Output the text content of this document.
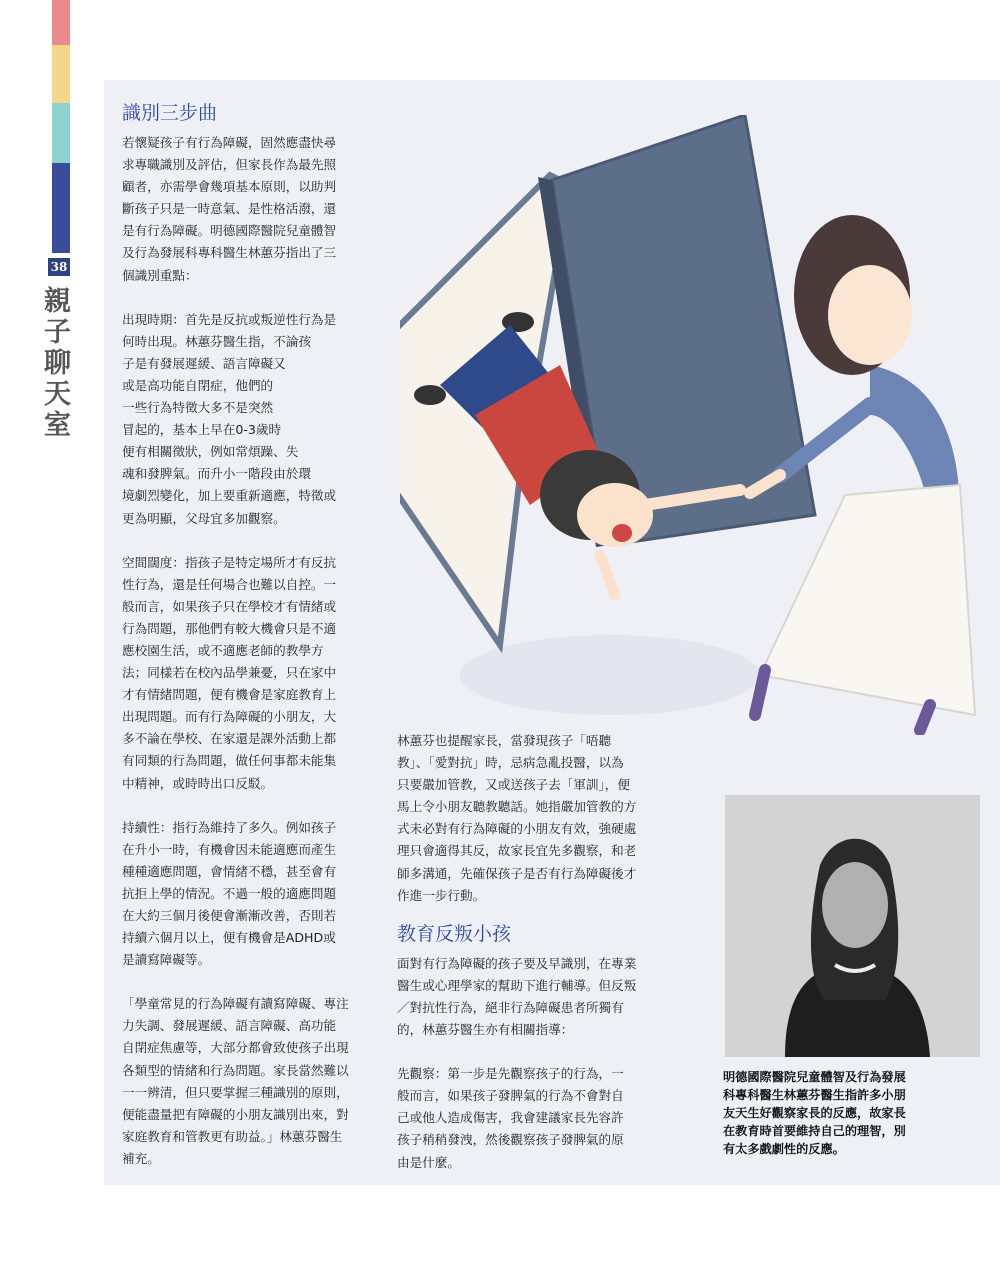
38
親子聊天室
識別三步曲

若懷疑孩子有行為障礙，固然應盡快尋
求專職識別及評估，但家長作為最先照
顧者，亦需學會幾項基本原則，以助判
斷孩子只是一時意氣、是性格活潑，還
是有行為障礙。明德國際醫院兒童體智
及行為發展科專科醫生林蕙芬指出了三
個識別重點：

出現時期：首先是反抗或叛逆性行為是
何時出現。林蕙芬醫生指，不論孩
子是有發展遲緩、語言障礙又
或是高功能自閉症，他們的
一些行為特徵大多不是突然
冒起的，基本上早在0-3歲時
便有相關徵狀，例如常煩躁、失
魂和發脾氣。而升小一階段由於環
境劇烈變化，加上要重新適應，特徵或
更為明顯，父母宜多加觀察。

空間闊度：指孩子是特定場所才有反抗
性行為，還是任何場合也難以自控。一
般而言，如果孩子只在學校才有情緒或
行為問題，那他們有較大機會只是不適
應校園生活，或不適應老師的教學方
法；同樣若在校內品學兼憂，只在家中
才有情緒問題，便有機會是家庭教育上
出現問題。而有行為障礙的小朋友，大
多不論在學校、在家還是課外活動上都
有同類的行為問題，做任何事都未能集
中精神，或時時出口反駁。

持續性：指行為維持了多久。例如孩子
在升小一時，有機會因未能適應而產生
種種適應問題，會情緒不穩，甚至會有
抗拒上學的情況。不過一般的適應問題
在大約三個月後便會漸漸改善，否則若
持續六個月以上，便有機會是ADHD或
是讀寫障礙等。

「學童常見的行為障礙有讀寫障礙、專注
力失調、發展遲緩、語言障礙、高功能
自閉症焦慮等，大部分都會致使孩子出現
各類型的情緒和行為問題。家長當然難以
一一辨清，但只要掌握三種識別的原則，
便能盡量把有障礙的小朋友識別出來，對
家庭教育和管教更有助益。」林蕙芬醫生
補充。

林蕙芬也提醒家長，當發現孩子「唔聽
教」、「愛對抗」時，忌病急亂投醫，以為
只要嚴加管教，又或送孩子去「軍訓」，便
馬上令小朋友聽教聽話。她指嚴加管教的方
式未必對有行為障礙的小朋友有效，強硬處
理只會適得其反，故家長宜先多觀察，和老
師多溝通，先確保孩子是否有行為障礙後才
作進一步行動。

教育反叛小孩

面對有行為障礙的孩子要及早識別，在專業
醫生或心理學家的幫助下進行輔導。但反叛
／對抗性行為，絕非行為障礙患者所獨有
的，林蕙芬醫生亦有相關指導：

先觀察：第一步是先觀察孩子的行為，一
般而言，如果孩子發脾氣的行為不會對自
己或他人造成傷害，我會建議家長先容許
孩子稍稍發洩，然後觀察孩子發脾氣的原
由是什麼。

明德國際醫院兒童體智及行為發展
科專科醫生林蕙芬醫生指許多小朋
友天生好觀察家長的反應，故家長
在教育時首要維持自己的理智，別
有太多戲劇性的反應。
